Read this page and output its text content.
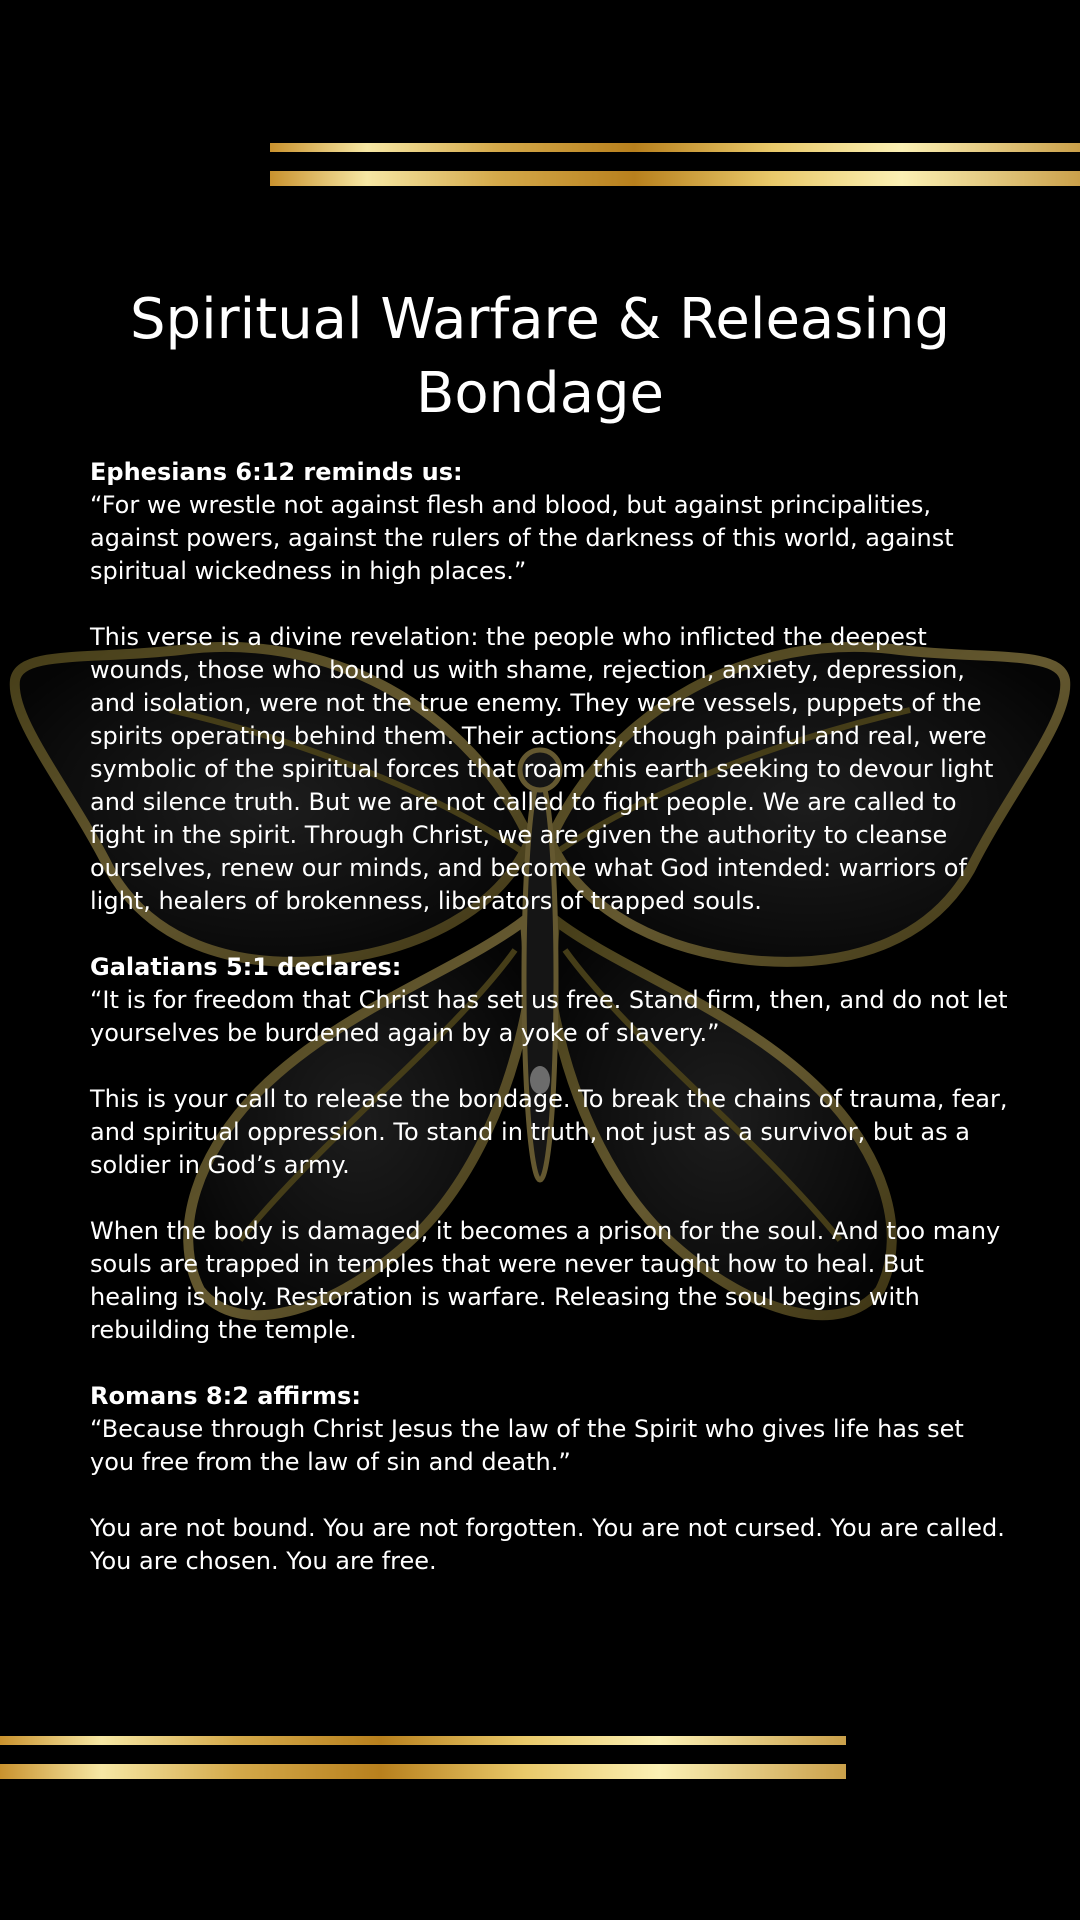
Spiritual Warfare & Releasing Bondage

Ephesians 6:12 reminds us:
“For we wrestle not against flesh and blood, but against principalities, against powers, against the rulers of the darkness of this world, against spiritual wickedness in high places.”

This verse is a divine revelation: the people who inflicted the deepest wounds, those who bound us with shame, rejection, anxiety, depression, and isolation, were not the true enemy. They were vessels, puppets of the spirits operating behind them. Their actions, though painful and real, were symbolic of the spiritual forces that roam this earth seeking to devour light and silence truth. But we are not called to fight people. We are called to fight in the spirit. Through Christ, we are given the authority to cleanse ourselves, renew our minds, and become what God intended: warriors of light, healers of brokenness, liberators of trapped souls.

Galatians 5:1 declares:
“It is for freedom that Christ has set us free. Stand firm, then, and do not let yourselves be burdened again by a yoke of slavery.”

This is your call to release the bondage. To break the chains of trauma, fear, and spiritual oppression. To stand in truth, not just as a survivor, but as a soldier in God’s army.

When the body is damaged, it becomes a prison for the soul. And too many souls are trapped in temples that were never taught how to heal. But healing is holy. Restoration is warfare. Releasing the soul begins with rebuilding the temple.

Romans 8:2 affirms:
“Because through Christ Jesus the law of the Spirit who gives life has set you free from the law of sin and death.”

You are not bound. You are not forgotten. You are not cursed. You are called. You are chosen. You are free.
